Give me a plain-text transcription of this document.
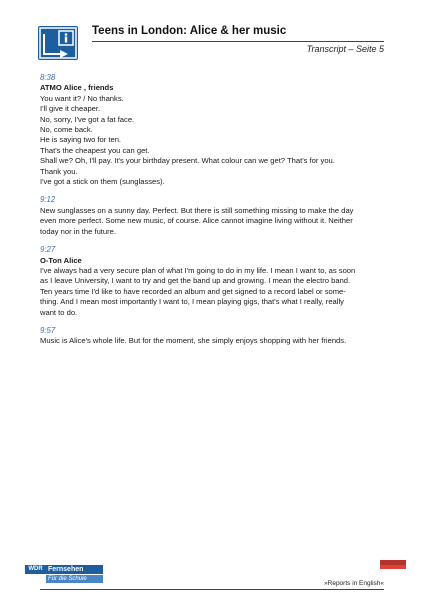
Teens in London: Alice & her music
Transcript – Seite 5
8:38
ATMO Alice , friends
You want it? / No thanks.
I'll give it cheaper.
No, sorry, I've got a fat face.
No, come back.
He is saying two for ten.
That's the cheapest you can get.
Shall we? Oh, I'll pay. It's your birthday present. What colour can we get? That's for you.
Thank you.
I've got a stick on them (sunglasses).
9:12
New sunglasses on a sunny day. Perfect. But there is still something missing to make the day
even more perfect. Some new music, of course. Alice cannot imagine living without it. Neither
today nor in the future.
9:27
O-Ton Alice
I've always had a very secure plan of what I'm going to do in my life. I mean I want to, as soon
as I leave University, I want to try and get the band up and growing. I mean the electro band.
Ten years time I'd like to have recorded an album and get signed to a record label or some-
thing. And I mean most importantly I want to, I mean playing gigs, that's what I really, really
want to do.
9:57
Music is Alice's whole life. But for the moment, she simply enjoys shopping with her friends.
WDR Fernsehen
Für die Schule
»Reports in English«
